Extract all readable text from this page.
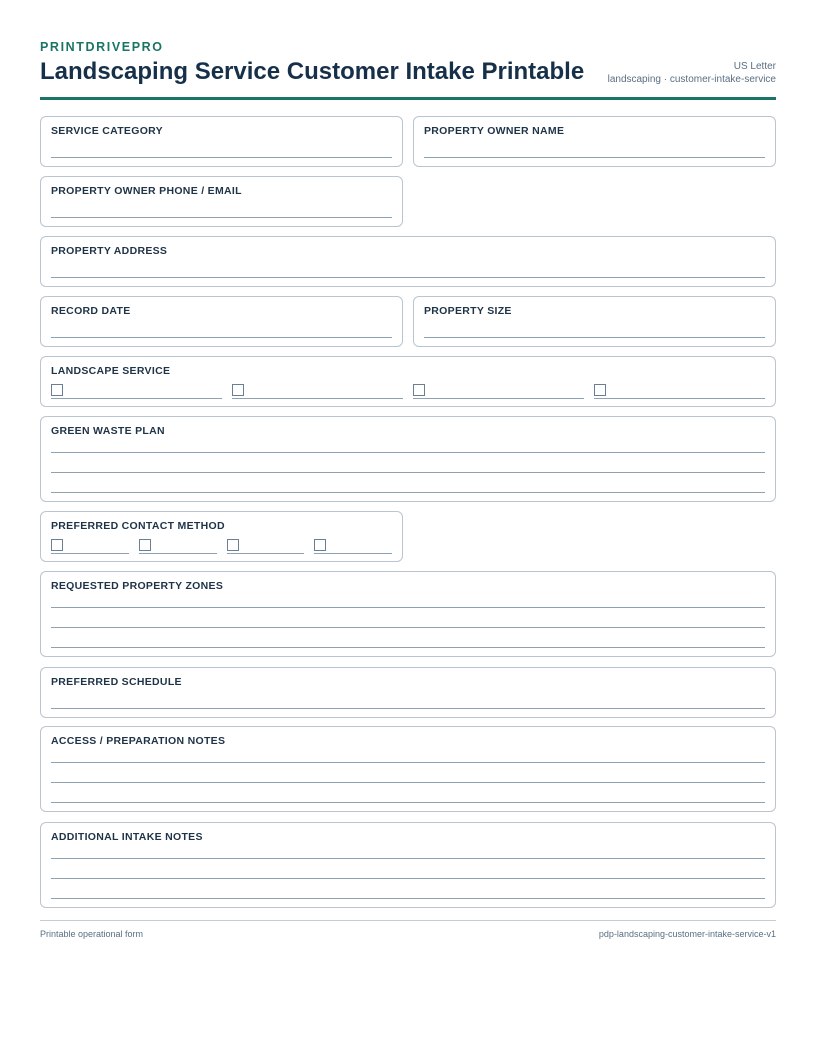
PRINTDRIVEPRO
Landscaping Service Customer Intake Printable	US Letter
landscaping · customer-intake-service
SERVICE CATEGORY	PROPERTY OWNER NAME
PROPERTY OWNER PHONE / EMAIL
PROPERTY ADDRESS
RECORD DATE	PROPERTY SIZE
LANDSCAPE SERVICE
GREEN WASTE PLAN
PREFERRED CONTACT METHOD
REQUESTED PROPERTY ZONES
PREFERRED SCHEDULE
ACCESS / PREPARATION NOTES
ADDITIONAL INTAKE NOTES
Printable operational form	pdp-landscaping-customer-intake-service-v1
